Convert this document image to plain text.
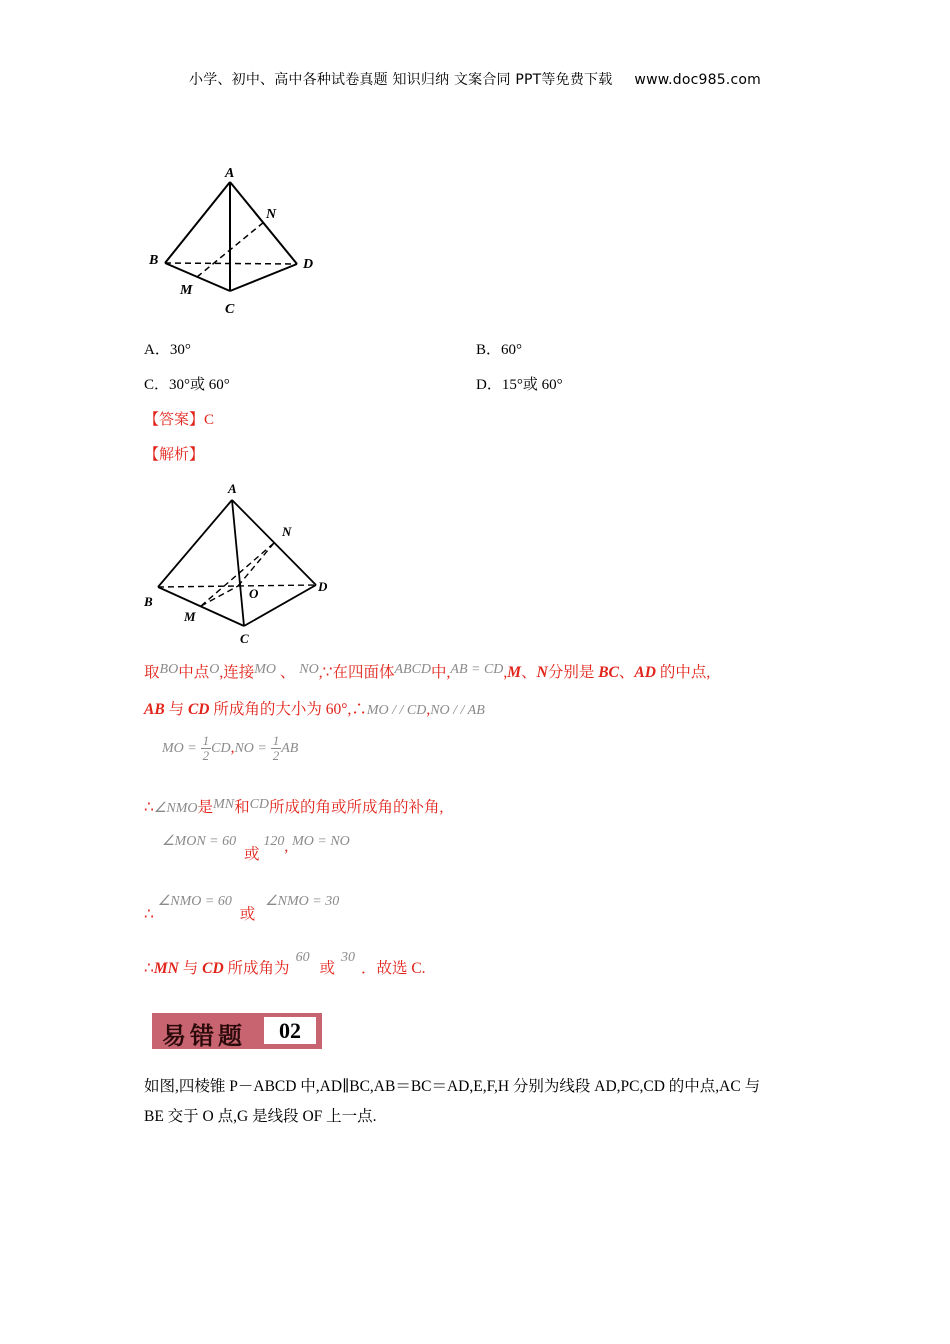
小学、初中、高中各种试卷真题 知识归纳 文案合同 PPT等免费下载 www.doc985.com
A
N
B	D
M
C
A．30°	B．60°
C．30°或 60°	D．15°或 60°
【答案】C
【解析】
A
N
B
D
O
M
C
取BO中点O,连接MO 、 NO,∵在四面体ABCD中,AB = CD,M、N分别是 BC、AD 的中点,
AB 与 CD 所成角的大小为 60°,∴MO / / CD,NO / / AB
MO = $\frac{1}{2} CD,NO = \frac{1}{2}$ AB
∴∠NMO是MN和CD所成的角或所成角的补角,
∠MON = 60 或 120, MO = NO
∴ ∠NMO = 60 或 ∠NMO = 30
∴MN 与 CD 所成角为60 或30．故选 C.
易错题	02
如图,四棱锥 P－ABCD 中,AD∥BC,AB＝BC＝AD,E,F,H 分别为线段 AD,PC,CD 的中点,AC 与
BE 交于 O 点,G 是线段 OF 上一点.
